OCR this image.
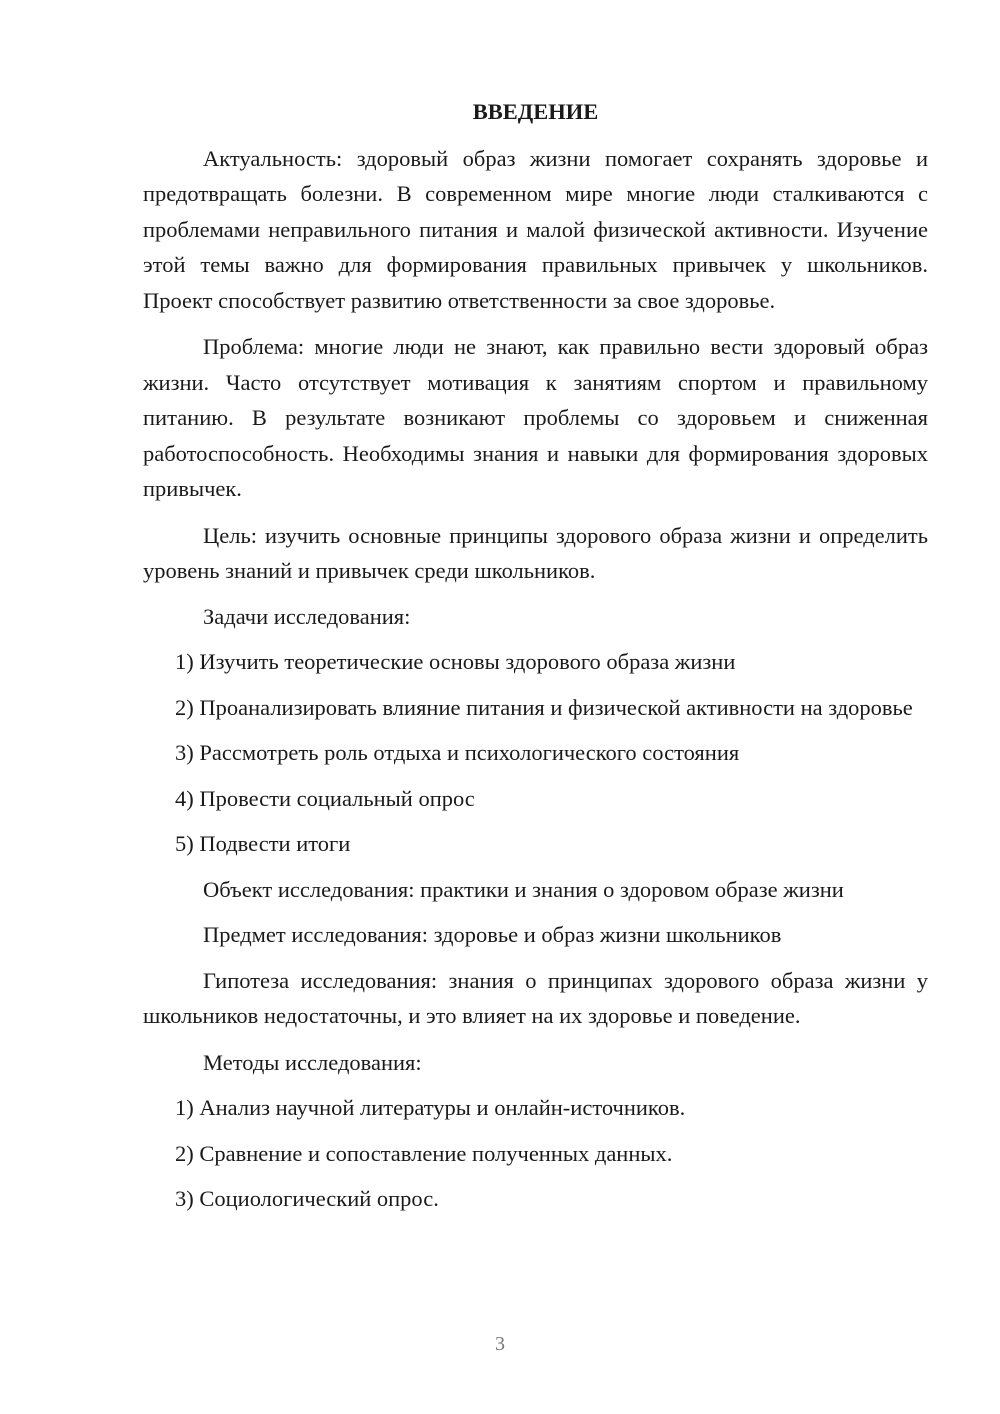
ВВЕДЕНИЕ

Актуальность: здоровый образ жизни помогает сохранять здоровье и предотвращать болезни. В современном мире многие люди сталкиваются с проблемами неправильного питания и малой физической активности. Изучение этой темы важно для формирования правильных привычек у школьников. Проект способствует развитию ответственности за свое здоровье.

Проблема: многие люди не знают, как правильно вести здоровый образ жизни. Часто отсутствует мотивация к занятиям спортом и правильному питанию. В результате возникают проблемы со здоровьем и сниженная работоспособность. Необходимы знания и навыки для формирования здоровых привычек.

Цель: изучить основные принципы здорового образа жизни и определить уровень знаний и привычек среди школьников.

Задачи исследования:

1) Изучить теоретические основы здорового образа жизни

2) Проанализировать влияние питания и физической активности на здоровье

3) Рассмотреть роль отдыха и психологического состояния

4) Провести социальный опрос

5) Подвести итоги

Объект исследования: практики и знания о здоровом образе жизни

Предмет исследования: здоровье и образ жизни школьников

Гипотеза исследования: знания о принципах здорового образа жизни у школьников недостаточны, и это влияет на их здоровье и поведение.

Методы исследования:

1) Анализ научной литературы и онлайн-источников.

2) Сравнение и сопоставление полученных данных.

3) Социологический опрос.

3
